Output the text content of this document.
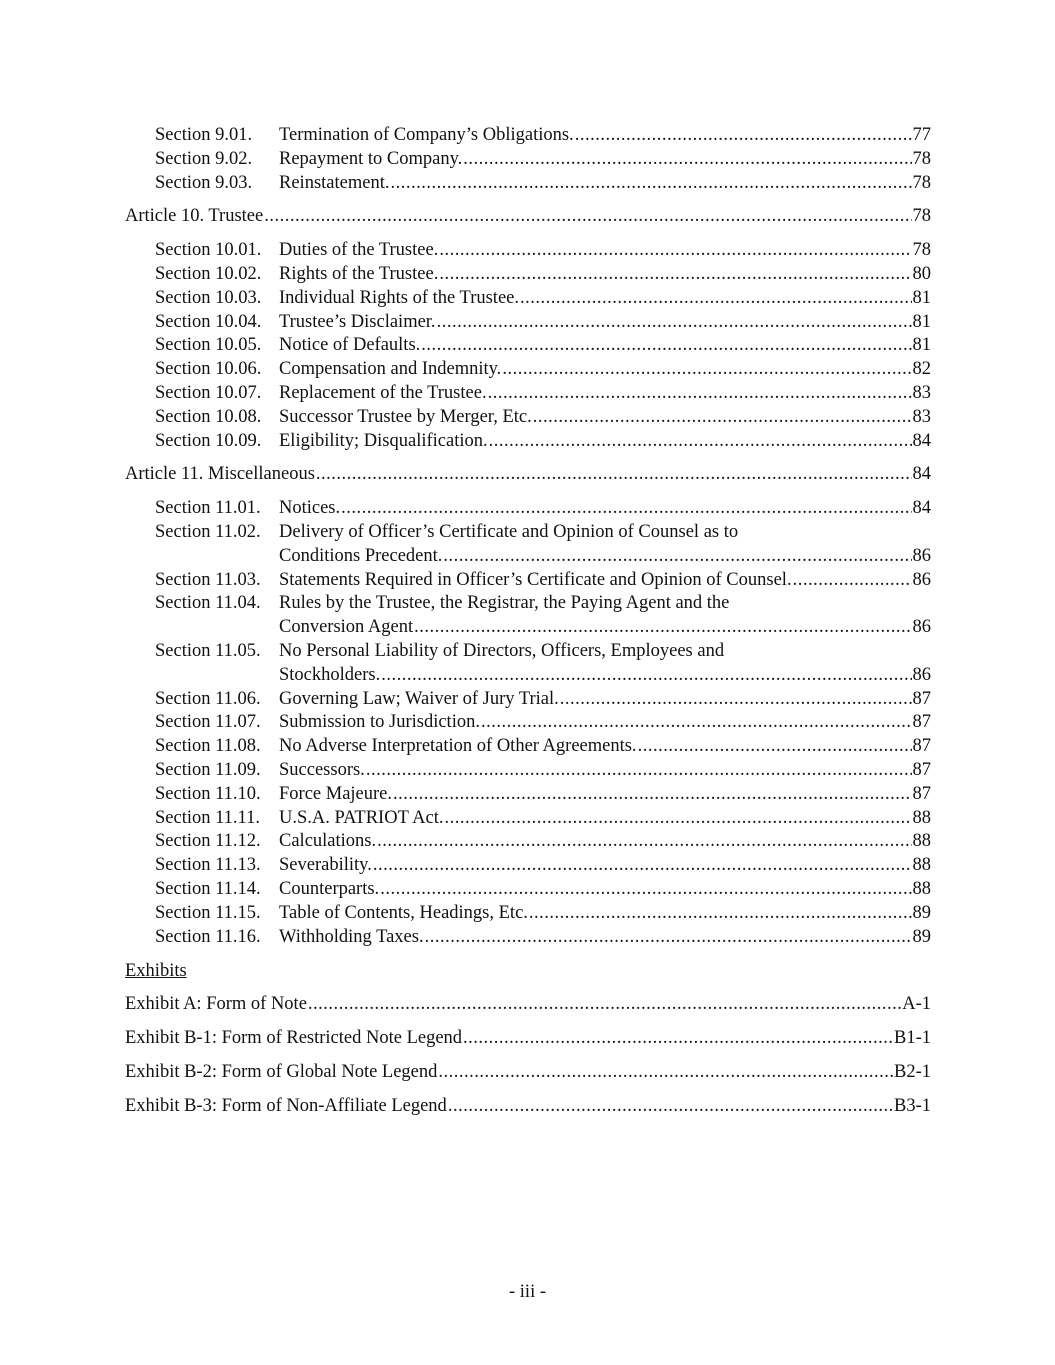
Section 9.01.	Termination of Company’s Obligations. .....	77
Section 9.02.	Repayment to Company. .....	78
Section 9.03.	Reinstatement. .....	78
Article 10. Trustee .....	78
Section 10.01. Duties of the Trustee. .....	78
Section 10.02. Rights of the Trustee. .....	80
Section 10.03. Individual Rights of the Trustee. .....	81
Section 10.04. Trustee’s Disclaimer. .....	81
Section 10.05. Notice of Defaults. .....	81
Section 10.06. Compensation and Indemnity. .....	82
Section 10.07. Replacement of the Trustee. .....	83
Section 10.08. Successor Trustee by Merger, Etc. .....	83
Section 10.09. Eligibility; Disqualification. .....	84
Article 11. Miscellaneous .....	84
Section 11.01. Notices. .....	84
Section 11.02. Delivery of Officer’s Certificate and Opinion of Counsel as to
Conditions Precedent. .....	86
Section 11.03. Statements Required in Officer’s Certificate and Opinion of Counsel. .....	86
Section 11.04. Rules by the Trustee, the Registrar, the Paying Agent and the
Conversion Agent .....	86
Section 11.05. No Personal Liability of Directors, Officers, Employees and
Stockholders. .....	86
Section 11.06. Governing Law; Waiver of Jury Trial. .....	87
Section 11.07. Submission to Jurisdiction. .....	87
Section 11.08. No Adverse Interpretation of Other Agreements. .....	87
Section 11.09. Successors. .....	87
Section 11.10. Force Majeure. .....	87
Section 11.11.	U.S.A. PATRIOT Act. .....	88
Section 11.12. Calculations. .....	88
Section 11.13. Severability. .....	88
Section 11.14. Counterparts. .....	88
Section 11.15. Table of Contents, Headings, Etc. .....	89
Section 11.16. Withholding Taxes. .....	89
Exhibits
Exhibit A: Form of Note .....	A-1
Exhibit B-1: Form of Restricted Note Legend .....	B1-1
Exhibit B-2: Form of Global Note Legend .....	B2-1
Exhibit B-3: Form of Non-Affiliate Legend .....	B3-1
- iii -
